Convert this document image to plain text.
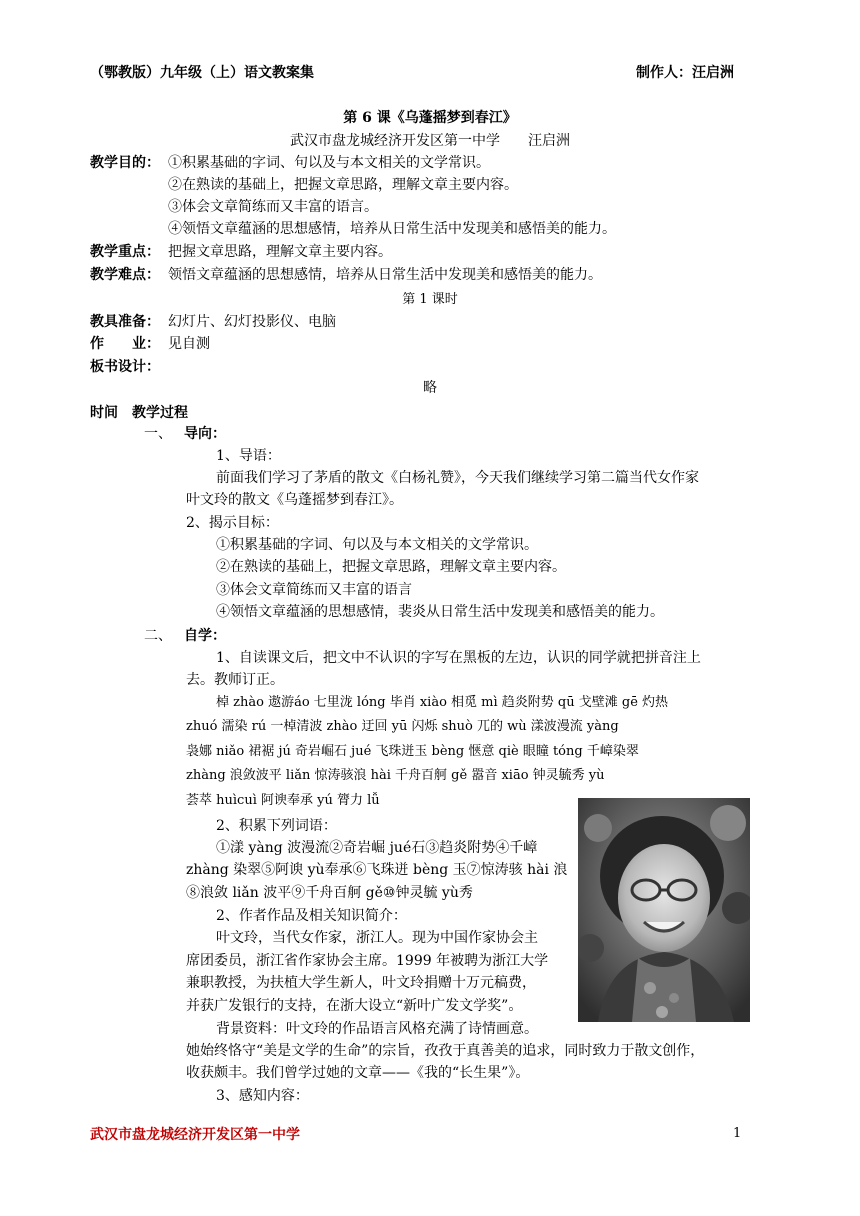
（鄂教版）九年级（上）语文教案集	制作人：汪启洲
第 6 课《乌蓬摇梦到春江》
武汉市盘龙城经济开发区第一中学　　汪启洲
教学目的： ①积累基础的字词、句以及与本文相关的文学常识。
②在熟读的基础上，把握文章思路，理解文章主要内容。
③体会文章简练而又丰富的语言。
④领悟文章蕴涵的思想感情，培养从日常生活中发现美和感悟美的能力。
教学重点： 把握文章思路，理解文章主要内容。
教学难点： 领悟文章蕴涵的思想感情，培养从日常生活中发现美和感悟美的能力。
第 1 课时
教具准备： 幻灯片、幻灯投影仪、电脑
作　　业： 见自测
板书设计：
略
时间　教学过程
一、 导向：
1、导语：
前面我们学习了茅盾的散文《白杨礼赞》，今天我们继续学习第二篇当代女作家
叶文玲的散文《乌蓬摇梦到春江》。
2、揭示目标：
①积累基础的字词、句以及与本文相关的文学常识。
②在熟读的基础上，把握文章思路，理解文章主要内容。
③体会文章简练而又丰富的语言
④领悟文章蕴涵的思想感情，裴炎从日常生活中发现美和感悟美的能力。
二、 自学：
1、自读课文后，把文中不认识的字写在黑板的左边，认识的同学就把拼音注上
去。教师订正。
棹 zhào 遨游áo 七里泷 lóng 毕肖 xiào 相觅 mì 趋炎附势 qū 戈壁滩 gē 灼热
zhuó 濡染 rú 一棹清波 zhào 迂回 yū 闪烁 shuò 兀的 wù 漾波漫流 yàng
袅娜 niǎo 裙裾 jú 奇岩崛石 jué 飞珠迸玉 bèng 惬意 qiè 眼瞳 tóng 千嶂染翠
zhàng 浪敛波平 liǎn 惊涛骇浪 hài 千舟百舸 gě 嚣音 xiāo 钟灵毓秀 yù
荟萃 huìcuì 阿谀奉承 yú 膂力 lǚ
2、积累下列词语：
①漾 yàng 波漫流②奇岩崛 jué石③趋炎附势④千嶂
zhàng 染翠⑤阿谀 yù奉承⑥飞珠迸 bèng 玉⑦惊涛骇 hài 浪
⑧浪敛 liǎn 波平⑨千舟百舸 gě⑩钟灵毓 yù秀
2、作者作品及相关知识简介：
叶文玲，当代女作家，浙江人。现为中国作家协会主
席团委员，浙江省作家协会主席。1999 年被聘为浙江大学
兼职教授，为扶植大学生新人，叶文玲捐赠十万元稿费，
并获广发银行的支持，在浙大设立“新叶广发文学奖”。
背景资料：叶文玲的作品语言风格充满了诗情画意。
她始终恪守“美是文学的生命”的宗旨，孜孜于真善美的追求，同时致力于散文创作，
收获颇丰。我们曾学过她的文章——《我的“长生果”》。
3、感知内容：
武汉市盘龙城经济开发区第一中学	1
